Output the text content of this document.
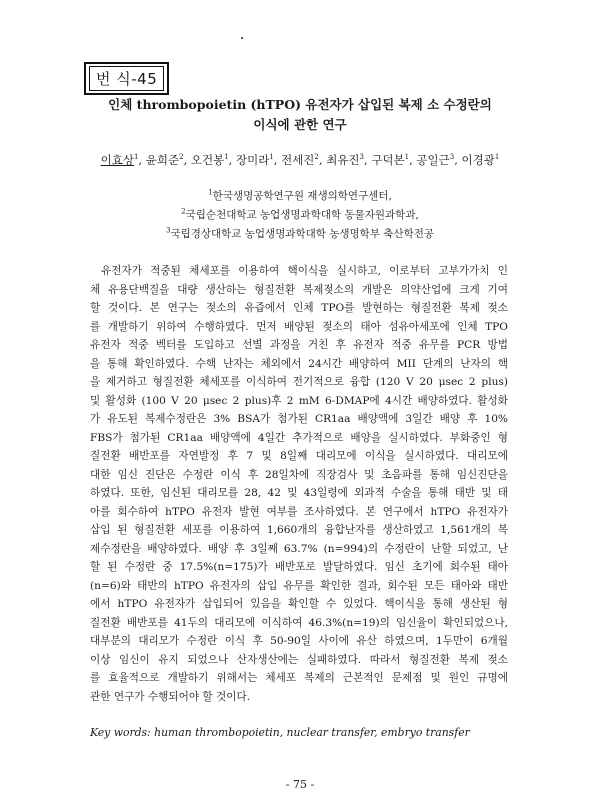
번 식-45
인체 thrombopoietin (hTPO) 유전자가 삽입된 복제 소 수정란의
이식에 관한 연구
이효상$^1$, 윤희준$^2$, 오건봉$^1$, 장미라$^1$, 전세진$^2$, 최유진$^3$, 구덕본$^1$, 공일근$^3$, 이경광$^1$
$^1$한국생명공학연구원 재생의학연구센터,
$^2$국립순천대학교 농업생명과학대학 동물자원과학과,
$^3$국립경상대학교 농업생명과학대학 농생명학부 축산학전공
유전자가 적중된 체세포를 이용하여 핵이식을 실시하고, 이로부터 고부가가치 인
체 유용단백질을 대량 생산하는 형질전환 복제젖소의 개발은 의약산업에 크게 기여
할 것이다. 본 연구는 젖소의 유즙에서 인체 TPO를 발현하는 형질전환 복제 젖소
를 개발하기 위하여 수행하였다. 먼저 배양된 젖소의 태아 섬유아세포에 인체 TPO
유전자 적중 벡터를 도입하고 선별 과정을 거친 후 유전자 적중 유무를 PCR 방법
을 통해 확인하였다. 수핵 난자는 체외에서 24시간 배양하여 MII 단계의 난자의 핵
을 제거하고 형질전환 체세포를 이식하여 전기적으로 융합 (120 V 20 μsec 2 plus)
및 활성화 (100 V 20 μsec 2 plus)후 2 mM 6-DMAP에 4시간 배양하였다. 활성화
가 유도된 복제수정란은 3% BSA가 첨가된 CR1aa 배양액에 3일간 배양 후 10%
FBS가 첨가된 CR1aa 배양액에 4일간 추가적으로 배양을 실시하였다. 부화중인 형
질전환 배반포를 자연발정 후 7 및 8일째 대리모에 이식을 실시하였다. 대리모에
대한 임신 진단은 수정란 이식 후 28일차에 직장검사 및 초음파를 통해 임신진단을
하였다. 또한, 임신된 대리모를 28, 42 및 43일령에 외과적 수술을 통해 태반 및 태
아를 회수하여 hTPO 유전자 발현 여부를 조사하였다. 본 연구에서 hTPO 유전자가
삽입 된 형질전환 세포를 이용하여 1,660개의 융합난자를 생산하였고 1,561개의 복
제수정란을 배양하였다. 배양 후 3일째 63.7% (n=994)의 수정란이 난할 되었고, 난
할 된 수정란 중 17.5%(n=175)가 배반포로 발달하였다. 임신 초기에 회수된 태아
(n=6)와 태반의 hTPO 유전자의 삽입 유무를 확인한 결과, 회수된 모든 태아와 태반
에서 hTPO 유전자가 삽입되어 있음을 확인할 수 있었다. 핵이식을 통해 생산된 형
질전환 배반포를 41두의 대리모에 이식하여 46.3%(n=19)의 임신율이 확인되었으나,
대부분의 대리모가 수정란 이식 후 50-90일 사이에 유산 하였으며, 1두만이 6개월
이상 임신이 유지 되었으나 산자생산에는 실패하였다. 따라서 형질전환 복제 젖소
를 효율적으로 개발하기 위해서는 체세포 복제의 근본적인 문제점 및 원인 규명에
관한 연구가 수행되어야 할 것이다.
Key words: human thrombopoietin, nuclear transfer, embryo transfer
- 75 -
